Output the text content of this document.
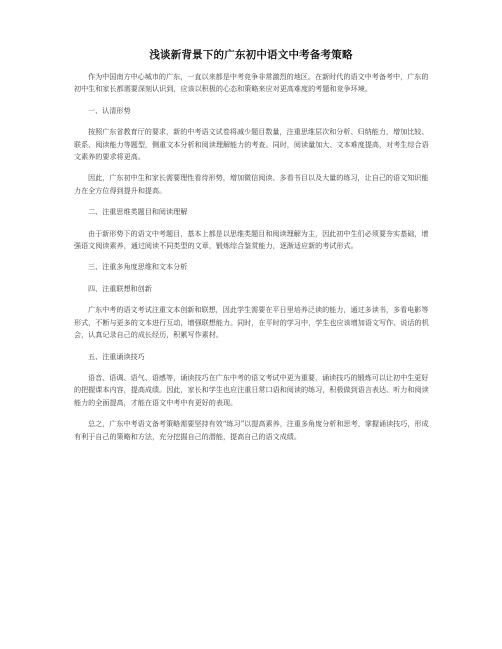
浅谈新背景下的广东初中语文中考备考策略

作为中国南方中心城市的广东，一直以来都是中考竞争非常激烈的地区。在新时代的语文中考备考中，广东的初中生和家长都需要深刻认识到，应该以积极的心态和策略来应对更高难度的考题和竞争环境。

一、认清形势

按照广东省教育厅的要求，新的中考语文试卷将减少题目数量，注重思维层次和分析、归纳能力，增加比较、联系、阅读能力等题型，侧重文本分析和阅读理解能力的考查。同时，阅读量加大、文本难度提高，对考生综合语文素养的要求将更高。

因此，广东初中生和家长需要理性看待形势，增加微信阅读、多看书目以及大量的练习，让自己的语文知识能力在全方位得到提升和提高。

二、注重思维类题目和阅读理解

由于新形势下的语文中考题目，基本上都是以思维类题目和阅读理解为主，因此初中生们必须要夯实基础，增强语文阅读素养，通过阅读不同类型的文章，锻炼综合鉴赏能力，逐渐适应新的考试形式。

三、注重多角度思维和文本分析

四、注重联想和创新

广东中考的语文考试注重文本创新和联想，因此学生需要在平日里培养泛读的能力，通过多读书，多看电影等形式，不断与更多的文本进行互动，增强联想能力。同时，在平时的学习中，学生也应该增加语文写作、说话的机会，认真记录自己的成长经历，积累写作素材。

五、注重诵读技巧

语音、语调、语气、语感等，诵读技巧在广东中考的语文考试中更为重要，诵读技巧的锻炼可以让初中生更好的把握课本内容，提高成绩。因此，家长和学生也应注重日常口语和阅读的练习，积极做到语言表达、听力和阅读能力的全面提高，才能在语文中考中有更好的表现。

总之，广东中考语文备考策略需要坚持有效“练习”以提高素养，注重多角度分析和思考，掌握诵读技巧，形成有利于自己的策略和方法，充分挖掘自己的潜能，提高自己的语文成绩。
